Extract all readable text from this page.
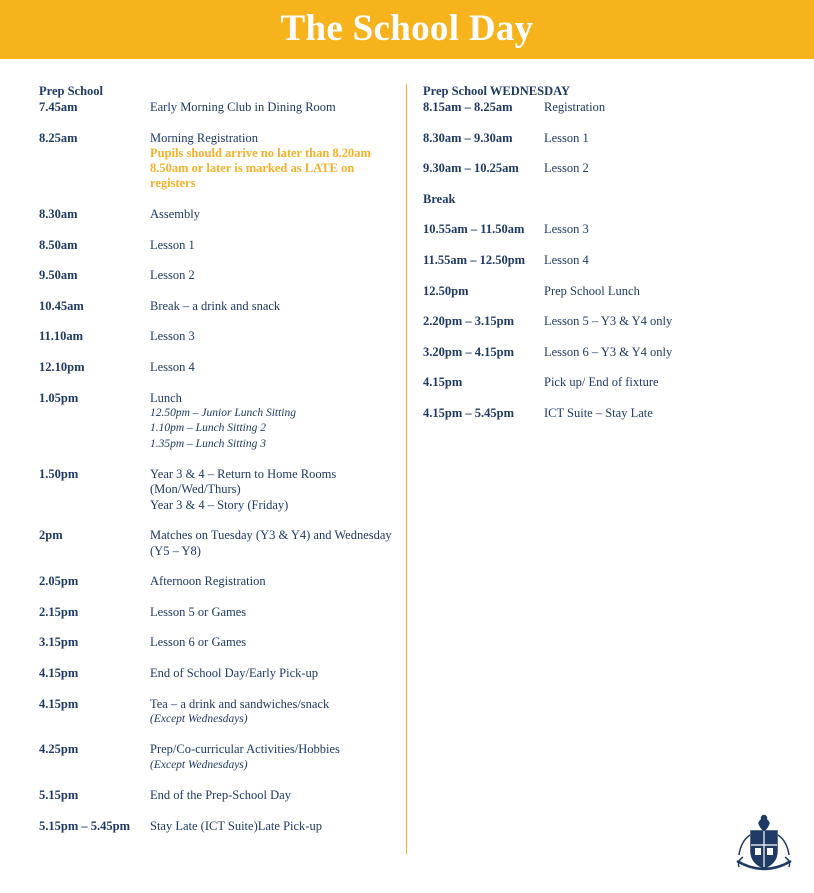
The School Day
Prep School
7.45am	Early Morning Club in Dining Room
8.25am	Morning Registration
Pupils should arrive no later than 8.20am
8.50am or later is marked as LATE on
registers
8.30am	Assembly
8.50am	Lesson 1
9.50am	Lesson 2
10.45am	Break – a drink and snack
11.10am	Lesson 3
12.10pm	Lesson 4
1.05pm	Lunch
12.50pm – Junior Lunch Sitting
1.10pm – Lunch Sitting 2
1.35pm – Lunch Sitting 3
1.50pm	Year 3 & 4 – Return to Home Rooms
(Mon/Wed/Thurs)
Year 3 & 4 – Story (Friday)
2pm	Matches on Tuesday (Y3 & Y4) and Wednesday
(Y5 – Y8)
2.05pm	Afternoon Registration
2.15pm	Lesson 5 or Games
3.15pm	Lesson 6 or Games
4.15pm	End of School Day/Early Pick-up
4.15pm	Tea – a drink and sandwiches/snack
(Except Wednesdays)
4.25pm	Prep/Co-curricular Activities/Hobbies
(Except Wednesdays)
5.15pm	End of the Prep-School Day
5.15pm – 5.45pm	Stay Late (ICT Suite)Late Pick-up
Prep School WEDNESDAY
8.15am – 8.25am	Registration
8.30am – 9.30am	Lesson 1
9.30am – 10.25am	Lesson 2
Break
10.55am – 11.50am	Lesson 3
11.55am – 12.50pm	Lesson 4
12.50pm	Prep School Lunch
2.20pm – 3.15pm	Lesson 5 – Y3 & Y4 only
3.20pm – 4.15pm	Lesson 6 – Y3 & Y4 only
4.15pm	Pick up/ End of fixture
4.15pm – 5.45pm	ICT Suite – Stay Late
